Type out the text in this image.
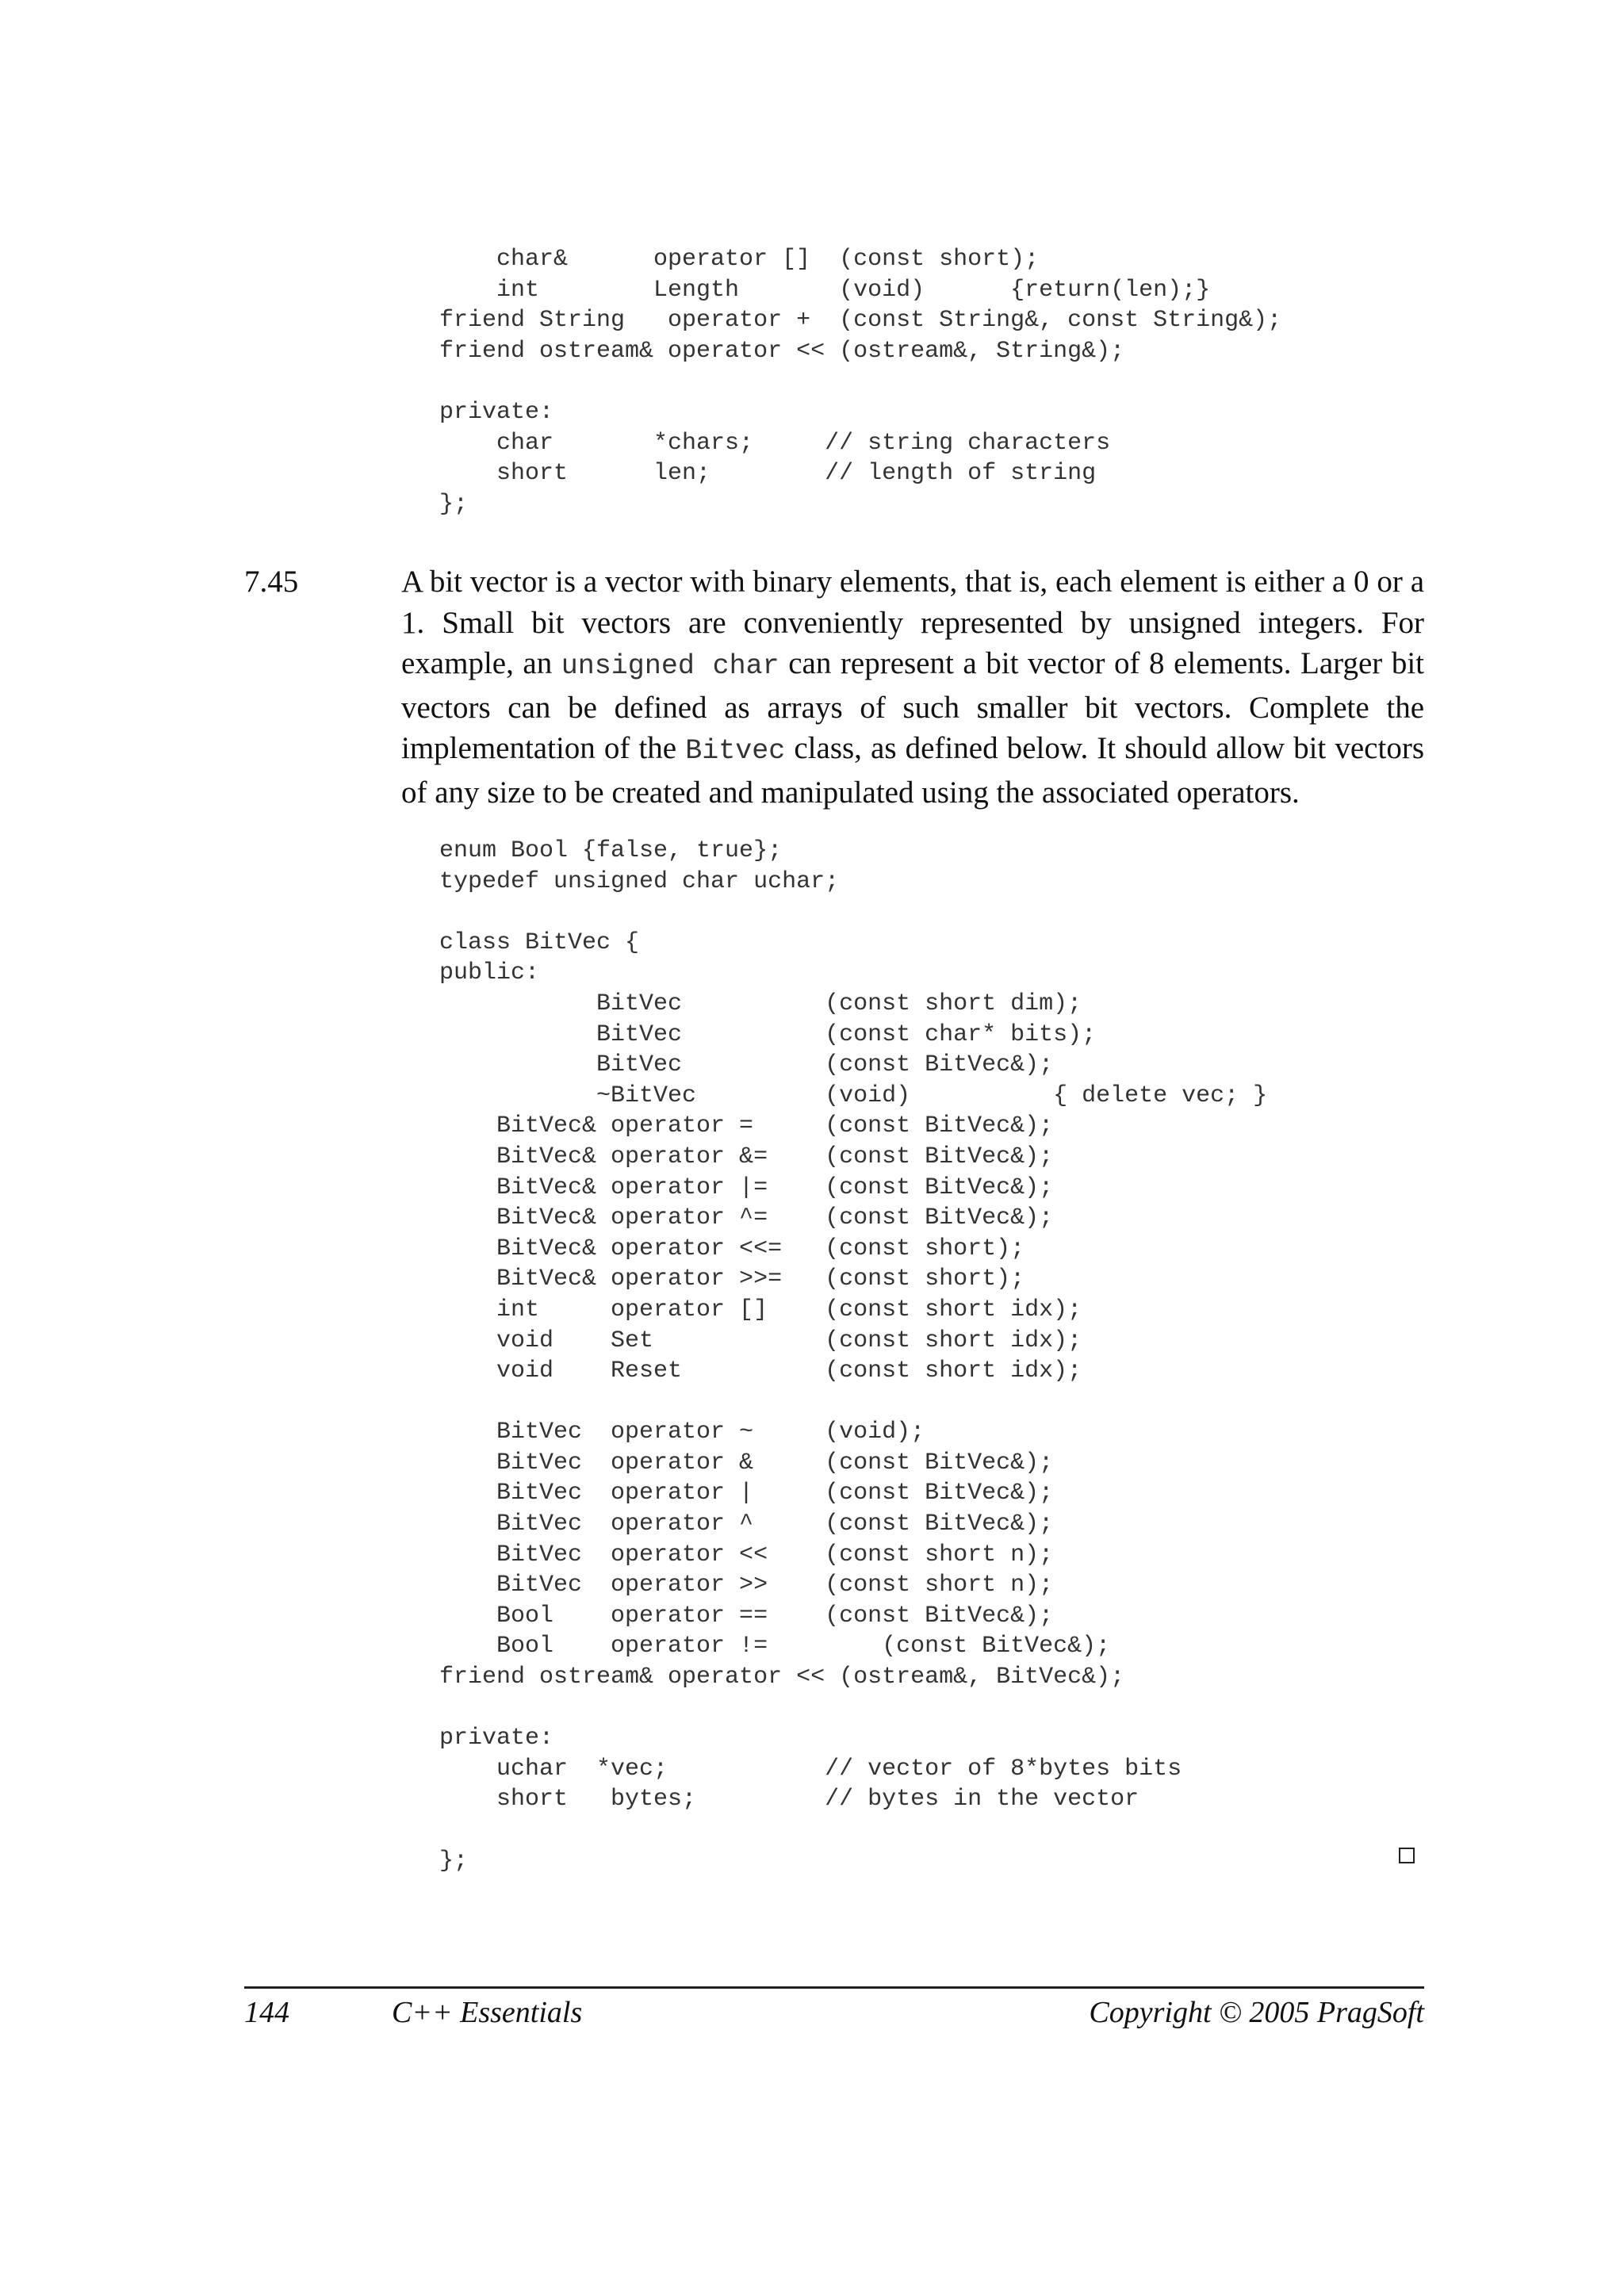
char&      operator []  (const short);
int        Length       (void)      {return(len);}
friend String   operator +  (const String&, const String&);
friend ostream& operator << (ostream&, String&);

private:
char       *chars;     // string characters
short      len;        // length of string
};
7.45	A bit vector is a vector with binary elements, that is, each element is either a 0 or a 1. Small bit vectors are conveniently represented by unsigned integers. For example, an unsigned char can represent a bit vector of 8 elements. Larger bit vectors can be defined as arrays of such smaller bit vectors. Complete the implementation of the Bitvec class, as defined below. It should allow bit vectors of any size to be created and manipulated using the associated operators.

enum Bool {false, true};
typedef unsigned char uchar;

class BitVec {
public:
BitVec          (const short dim);
BitVec          (const char* bits);
BitVec          (const BitVec&);
~BitVec         (void)          { delete vec; }
BitVec& operator =     (const BitVec&);
BitVec& operator &=    (const BitVec&);
BitVec& operator |=    (const BitVec&);
BitVec& operator ^=    (const BitVec&);
BitVec& operator <<=   (const short);
BitVec& operator >>=   (const short);
int     operator []    (const short idx);
void    Set            (const short idx);
void    Reset          (const short idx);

BitVec  operator ~     (void);
BitVec  operator &     (const BitVec&);
BitVec  operator |     (const BitVec&);
BitVec  operator ^     (const BitVec&);
BitVec  operator <<    (const short n);
BitVec  operator >>    (const short n);
Bool    operator ==    (const BitVec&);
Bool    operator !=        (const BitVec&);
friend ostream& operator << (ostream&, BitVec&);

private:
uchar  *vec;           // vector of 8*bytes bits
short   bytes;         // bytes in the vector

};
144	C++ Essentials	Copyright © 2005 PragSoft
